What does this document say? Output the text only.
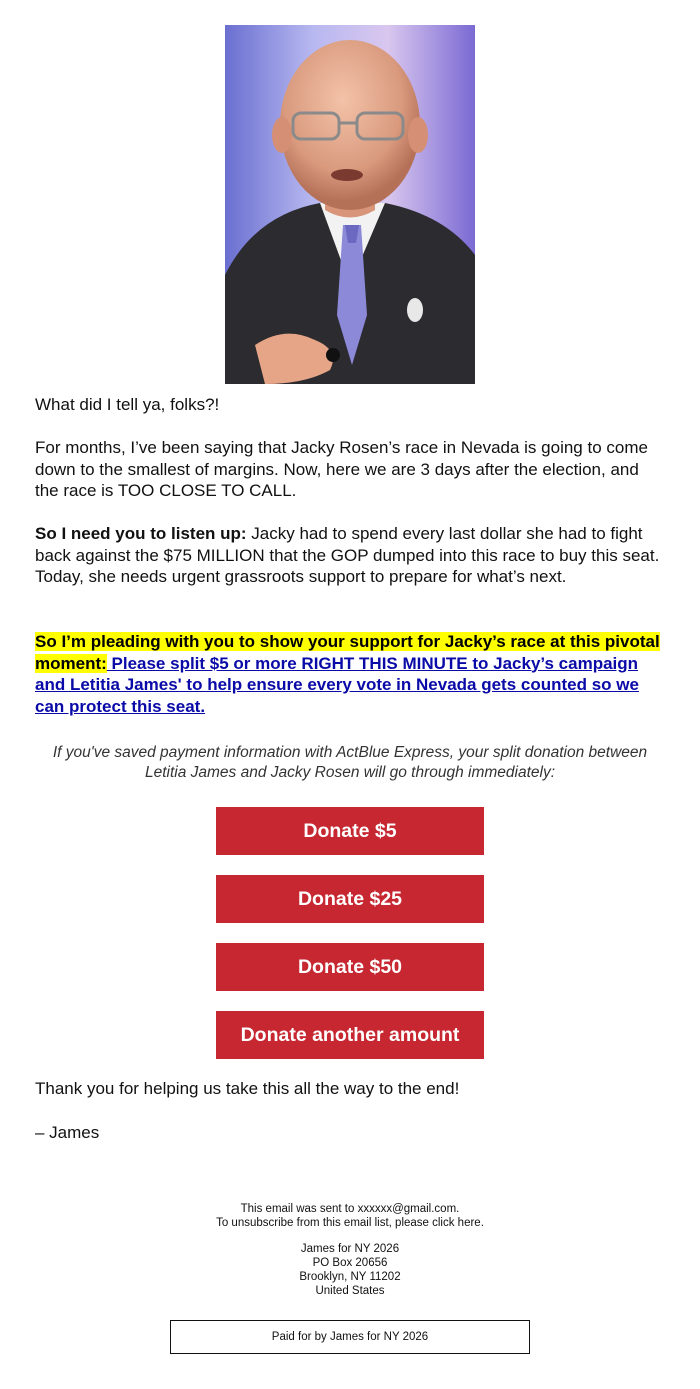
What did I tell ya, folks?!

For months, I’ve been saying that Jacky Rosen’s race in Nevada is going to come down to the smallest of margins. Now, here we are 3 days after the election, and the race is TOO CLOSE TO CALL.

So I need you to listen up: Jacky had to spend every last dollar she had to fight back against the $75 MILLION that the GOP dumped into this race to buy this seat. Today, she needs urgent grassroots support to prepare for what’s next.

So I’m pleading with you to show your support for Jacky’s race at this pivotal moment: Please split $5 or more RIGHT THIS MINUTE to Jacky’s campaign and Letitia James' to help ensure every vote in Nevada gets counted so we can protect this seat.

If you've saved payment information with ActBlue Express, your split donation between Letitia James and Jacky Rosen will go through immediately:
Donate $5
Donate $25
Donate $50
Donate another amount

Thank you for helping us take this all the way to the end!

– James

This email was sent to xxxxxx@gmail.com.
To unsubscribe from this email list, please click here.
James for NY 2026
PO Box 20656
Brooklyn, NY 11202
United States
Paid for by James for NY 2026
